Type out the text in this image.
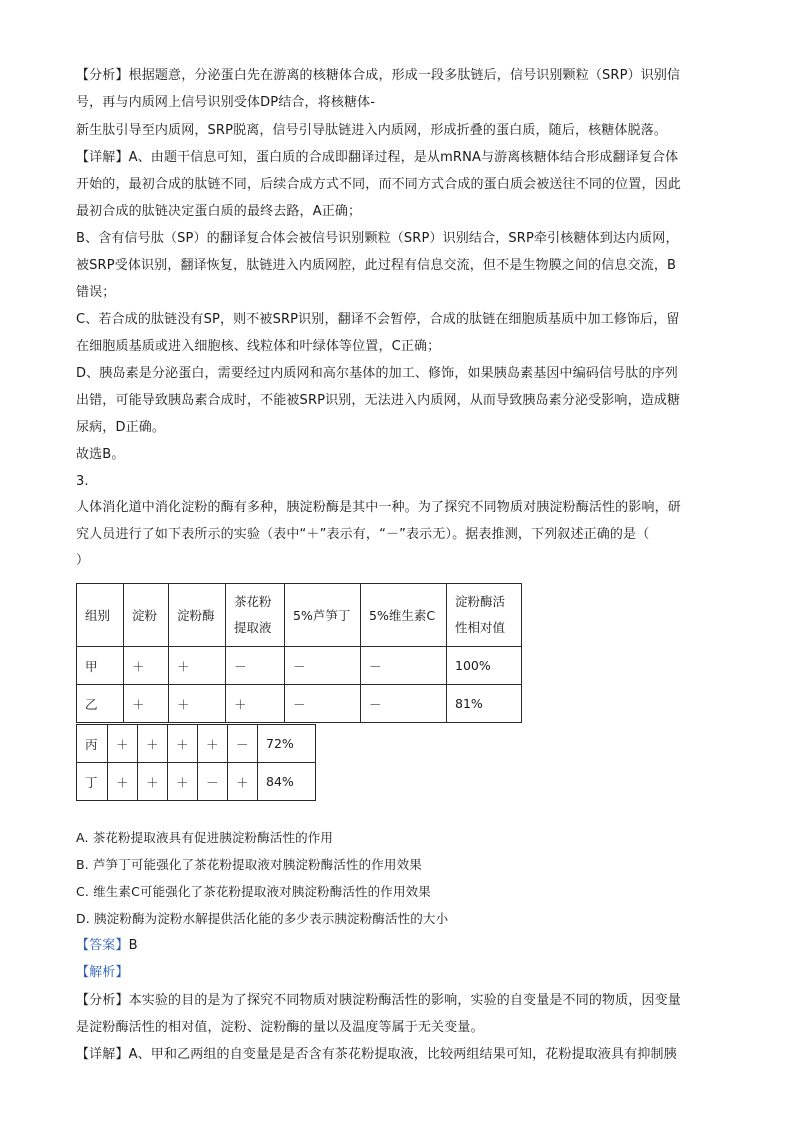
【分析】根据题意，分泌蛋白先在游离的核糖体合成，形成一段多肽链后，信号识别颗粒（SRP）识别信
号，再与内质网上信号识别受体DP结合，将核糖体-
新生肽引导至内质网，SRP脱离，信号引导肽链进入内质网，形成折叠的蛋白质，随后，核糖体脱落。
【详解】A、由题干信息可知，蛋白质的合成即翻译过程，是从mRNA与游离核糖体结合形成翻译复合体
开始的，最初合成的肽链不同，后续合成方式不同，而不同方式合成的蛋白质会被送往不同的位置，因此
最初合成的肽链决定蛋白质的最终去路，A正确；
B、含有信号肽（SP）的翻译复合体会被信号识别颗粒（SRP）识别结合，SRP牵引核糖体到达内质网，
被SRP受体识别，翻译恢复，肽链进入内质网腔，此过程有信息交流，但不是生物膜之间的信息交流，B
错误；
C、若合成的肽链没有SP，则不被SRP识别，翻译不会暂停，合成的肽链在细胞质基质中加工修饰后，留
在细胞质基质或进入细胞核、线粒体和叶绿体等位置，C正确；
D、胰岛素是分泌蛋白，需要经过内质网和高尔基体的加工、修饰，如果胰岛素基因中编码信号肽的序列
出错，可能导致胰岛素合成时，不能被SRP识别，无法进入内质网，从而导致胰岛素分泌受影响，造成糖
尿病，D正确。
故选B。
3.
人体消化道中消化淀粉的酶有多种，胰淀粉酶是其中一种。为了探究不同物质对胰淀粉酶活性的影响，研
究人员进行了如下表所示的实验（表中“＋”表示有，“－”表示无）。据表推测，下列叙述正确的是（
）
组别	淀粉	淀粉酶	茶花粉
提取液	5%芦笋丁	5%维生素C	淀粉酶活
性相对值

甲	＋	＋	－	－	－	100%
乙	＋	＋	＋	－	－	81%
丙	＋	＋	＋	＋	－	72%
丁	＋	＋	＋	－	＋	84%
A. 茶花粉提取液具有促进胰淀粉酶活性的作用
B. 芦笋丁可能强化了茶花粉提取液对胰淀粉酶活性的作用效果
C. 维生素C可能强化了茶花粉提取液对胰淀粉酶活性的作用效果
D. 胰淀粉酶为淀粉水解提供活化能的多少表示胰淀粉酶活性的大小
【答案】B
【解析】
【分析】本实验的目的是为了探究不同物质对胰淀粉酶活性的影响，实验的自变量是不同的物质，因变量
是淀粉酶活性的相对值，淀粉、淀粉酶的量以及温度等属于无关变量。
【详解】A、甲和乙两组的自变量是是否含有茶花粉提取液，比较两组结果可知，花粉提取液具有抑制胰
